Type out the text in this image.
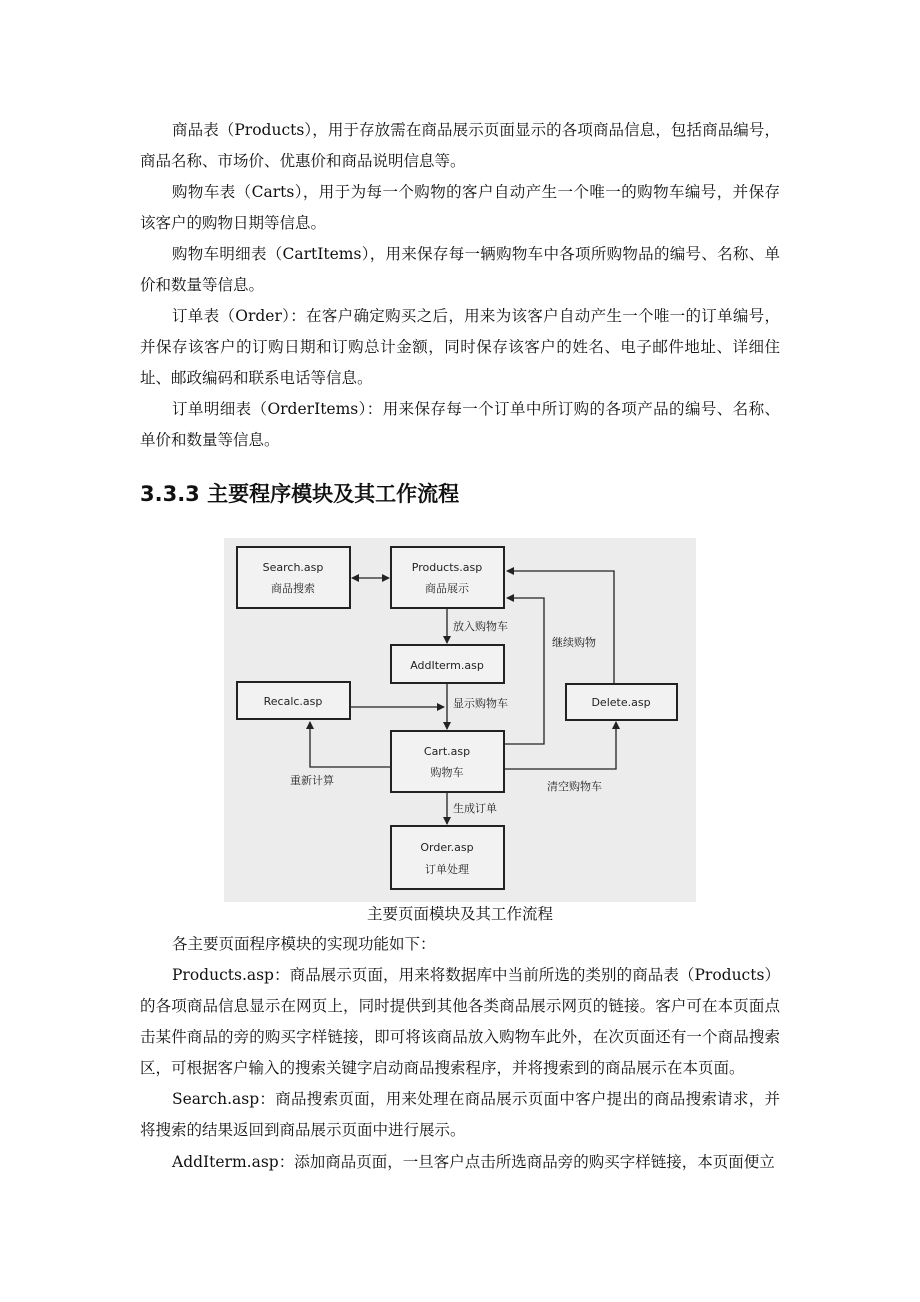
商品表（Products），用于存放需在商品展示页面显示的各项商品信息，包括商品编号，商品名称、市场价、优惠价和商品说明信息等。

购物车表（Carts），用于为每一个购物的客户自动产生一个唯一的购物车编号，并保存该客户的购物日期等信息。

购物车明细表（CartItems），用来保存每一辆购物车中各项所购物品的编号、名称、单价和数量等信息。

订单表（Order）：在客户确定购买之后，用来为该客户自动产生一个唯一的订单编号，并保存该客户的订购日期和订购总计金额，同时保存该客户的姓名、电子邮件地址、详细住址、邮政编码和联系电话等信息。

订单明细表（OrderItems）：用来保存每一个订单中所订购的各项产品的编号、名称、单价和数量等信息。

3.3.3 主要程序模块及其工作流程
Search.asp
商品搜索
Products.asp
商品展示
AddIterm.asp
Recalc.asp	Delete.asp
Cart.asp
购物车
Order.asp
订单处理
放入购物车
显示购物车
继续购物
重新计算	清空购物车
生成订单

主要页面模块及其工作流程

各主要页面程序模块的实现功能如下：

Products.asp：商品展示页面，用来将数据库中当前所选的类别的商品表（Products）的各项商品信息显示在网页上，同时提供到其他各类商品展示网页的链接。客户可在本页面点击某件商品的旁的购买字样链接，即可将该商品放入购物车此外，在次页面还有一个商品搜索区，可根据客户输入的搜索关键字启动商品搜索程序，并将搜索到的商品展示在本页面。

Search.asp：商品搜索页面，用来处理在商品展示页面中客户提出的商品搜索请求，并将搜索的结果返回到商品展示页面中进行展示。

AddIterm.asp：添加商品页面，一旦客户点击所选商品旁的购买字样链接，本页面便立
